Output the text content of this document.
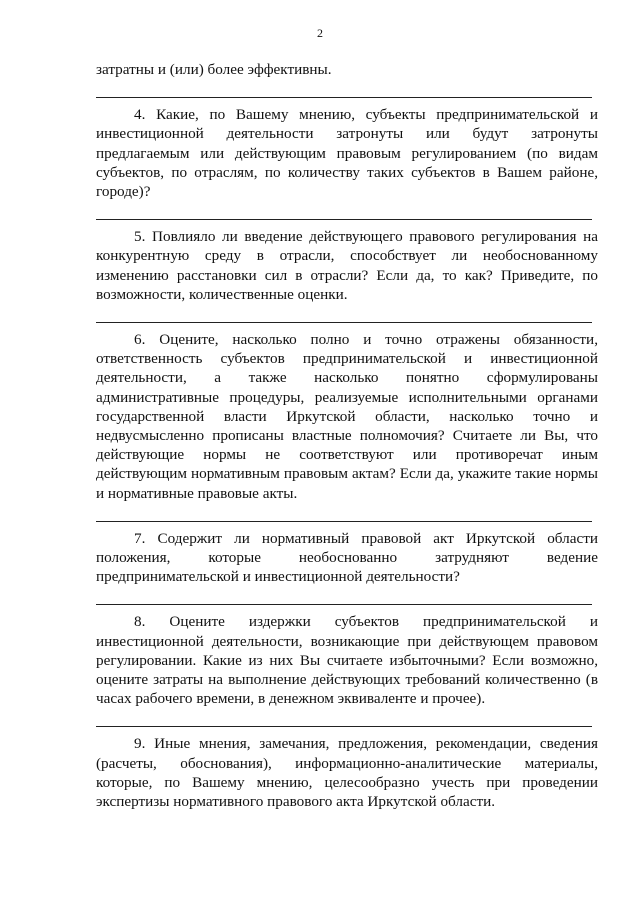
2

затратны и (или) более эффективны.

4. Какие, по Вашему мнению, субъекты предпринимательской и инвестиционной деятельности затронуты или будут затронуты предлагаемым или действующим правовым регулированием (по видам субъектов, по отраслям, по количеству таких субъектов в Вашем районе, городе)?

5. Повлияло ли введение действующего правового регулирования на конкурентную среду в отрасли, способствует ли необоснованному изменению расстановки сил в отрасли? Если да, то как? Приведите, по возможности, количественные оценки.

6. Оцените, насколько полно и точно отражены обязанности, ответственность субъектов предпринимательской и инвестиционной деятельности, а также насколько понятно сформулированы административные процедуры, реализуемые исполнительными органами государственной власти Иркутской области, насколько точно и недвусмысленно прописаны властные полномочия? Считаете ли Вы, что действующие нормы не соответствуют или противоречат иным действующим нормативным правовым актам? Если да, укажите такие нормы и нормативные правовые акты.

7. Содержит ли нормативный правовой акт Иркутской области положения, которые необоснованно затрудняют ведение предпринимательской и инвестиционной деятельности?

8. Оцените издержки субъектов предпринимательской и инвестиционной деятельности, возникающие при действующем правовом регулировании. Какие из них Вы считаете избыточными? Если возможно, оцените затраты на выполнение действующих требований количественно (в часах рабочего времени, в денежном эквиваленте и прочее).

9. Иные мнения, замечания, предложения, рекомендации, сведения (расчеты, обоснования), информационно-аналитические материалы, которые, по Вашему мнению, целесообразно учесть при проведении экспертизы нормативного правового акта Иркутской области.
